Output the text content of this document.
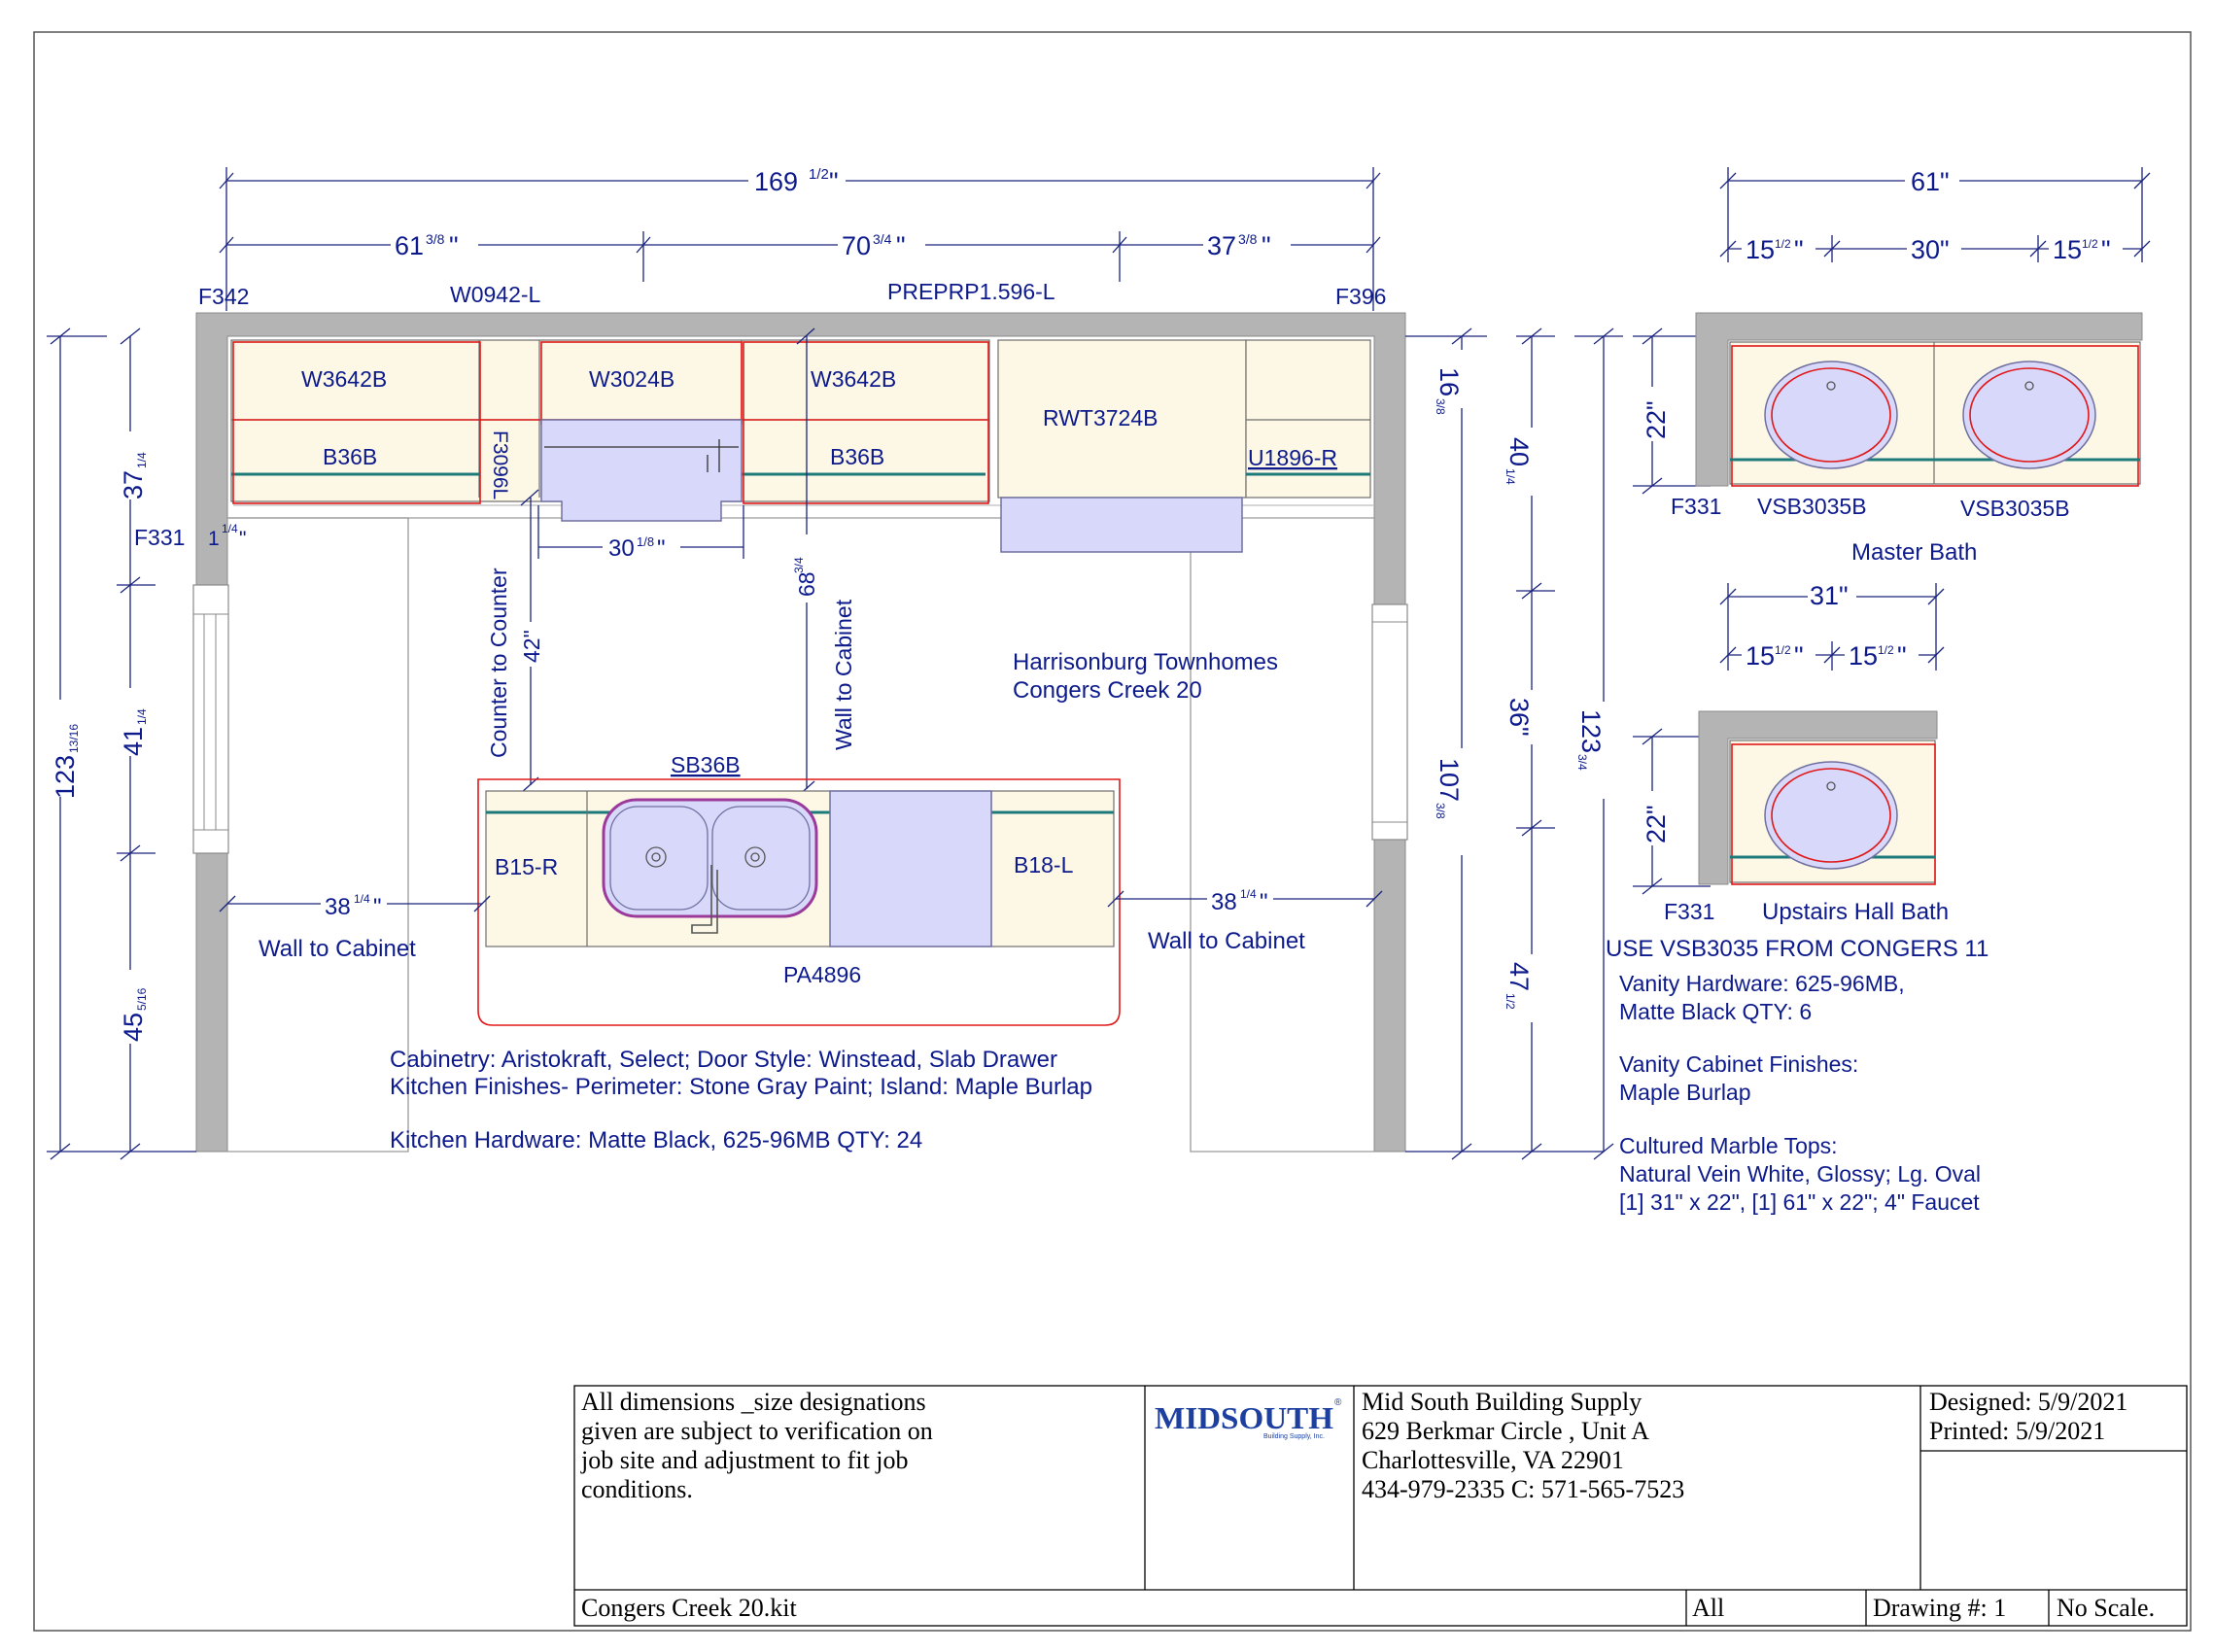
169 1/2 "
61 3/8 "	70 3/4 "	37 3/8 "
F342	W0942-L	PREPRP1.596-L	F396
W3642B	W3024B	W3642B
B36B	B36B
F3096L
RWT3724B
U1896-R
F331 1 1/4 "	30 1/8 "
Counter to Counter 42"
68
3/4
Wall to Cabinet	Harrisonburg Townhomes
Congers Creek 20
SB36B
B15-R	B18-L
PA4896
38 1/4 "
Wall to Cabinet
38 1/4 "
Wall to Cabinet
123
13/16
37
1/4
41
1/4
45
5/16
16
3/8
107
3/8
40
1/4
36"
47
1/2
123
3/4
Cabinetry: Aristokraft, Select; Door Style: Winstead, Slab Drawer
Kitchen Finishes- Perimeter: Stone Gray Paint; Island: Maple Burlap
Kitchen Hardware: Matte Black, 625-96MB QTY: 24
61"
15 1/2 "	30"	15 1/2 "
22"
F331 VSB3035B	VSB3035B
Master Bath
31"
15 1/2 " 15 1/2 "
22"
F331 Upstairs Hall Bath
USE VSB3035 FROM CONGERS 11
Vanity Hardware: 625-96MB,
Matte Black QTY: 6
Vanity Cabinet Finishes:
Maple Burlap
Cultured Marble Tops:
Natural Vein White, Glossy; Lg. Oval
[1] 31" x 22", [1] 61" x 22"; 4" Faucet
All dimensions _size designations
given are subject to verification on
job site and adjustment to fit job
conditions.
MIDSOUTH ®
Building Supply, Inc.
Mid South Building Supply
629 Berkmar Circle , Unit A
Charlottesville, VA 22901
434-979-2335 C: 571-565-7523
Designed: 5/9/2021
Printed: 5/9/2021
Congers Creek 20.kit	All	Drawing #: 1 No Scale.
